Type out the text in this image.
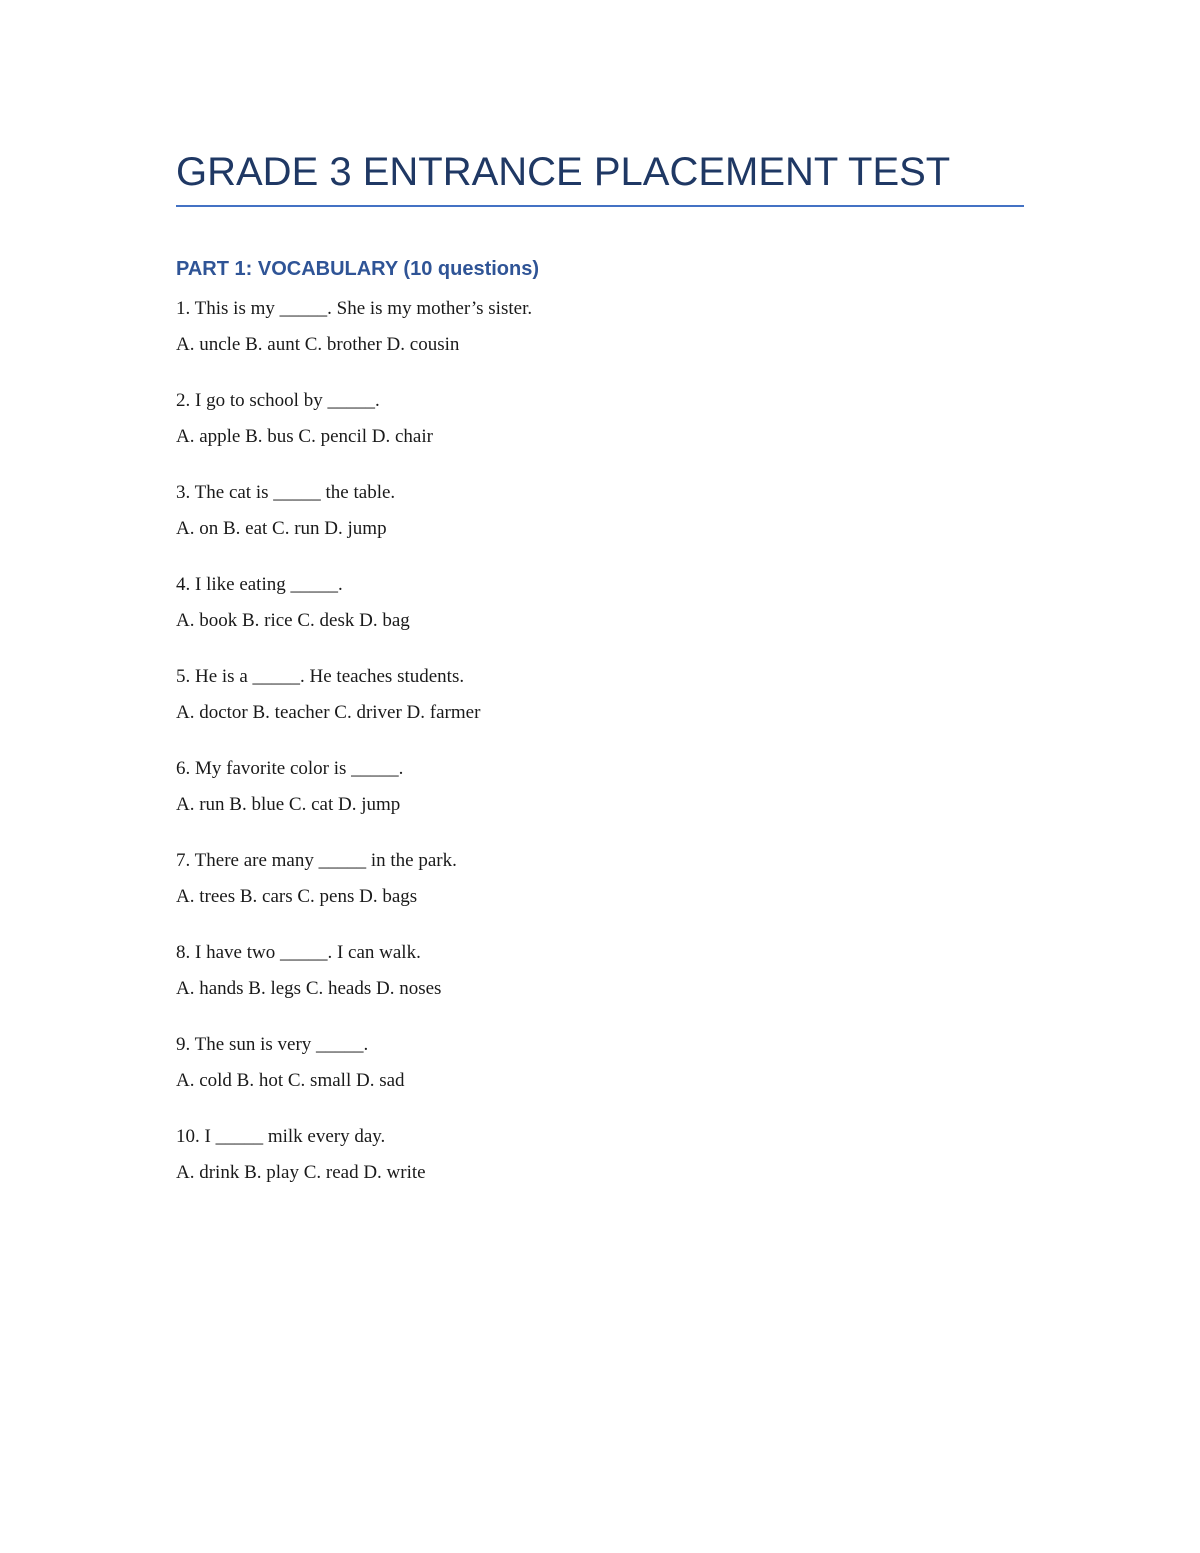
GRADE 3 ENTRANCE PLACEMENT TEST
PART 1: VOCABULARY (10 questions)
1. This is my _____. She is my mother’s sister.
A. uncle B. aunt C. brother D. cousin
2. I go to school by _____.
A. apple B. bus C. pencil D. chair
3. The cat is _____ the table.
A. on B. eat C. run D. jump
4. I like eating _____.
A. book B. rice C. desk D. bag
5. He is a _____. He teaches students.
A. doctor B. teacher C. driver D. farmer
6. My favorite color is _____.
A. run B. blue C. cat D. jump
7. There are many _____ in the park.
A. trees B. cars C. pens D. bags
8. I have two _____. I can walk.
A. hands B. legs C. heads D. noses
9. The sun is very _____.
A. cold B. hot C. small D. sad
10. I _____ milk every day.
A. drink B. play C. read D. write
